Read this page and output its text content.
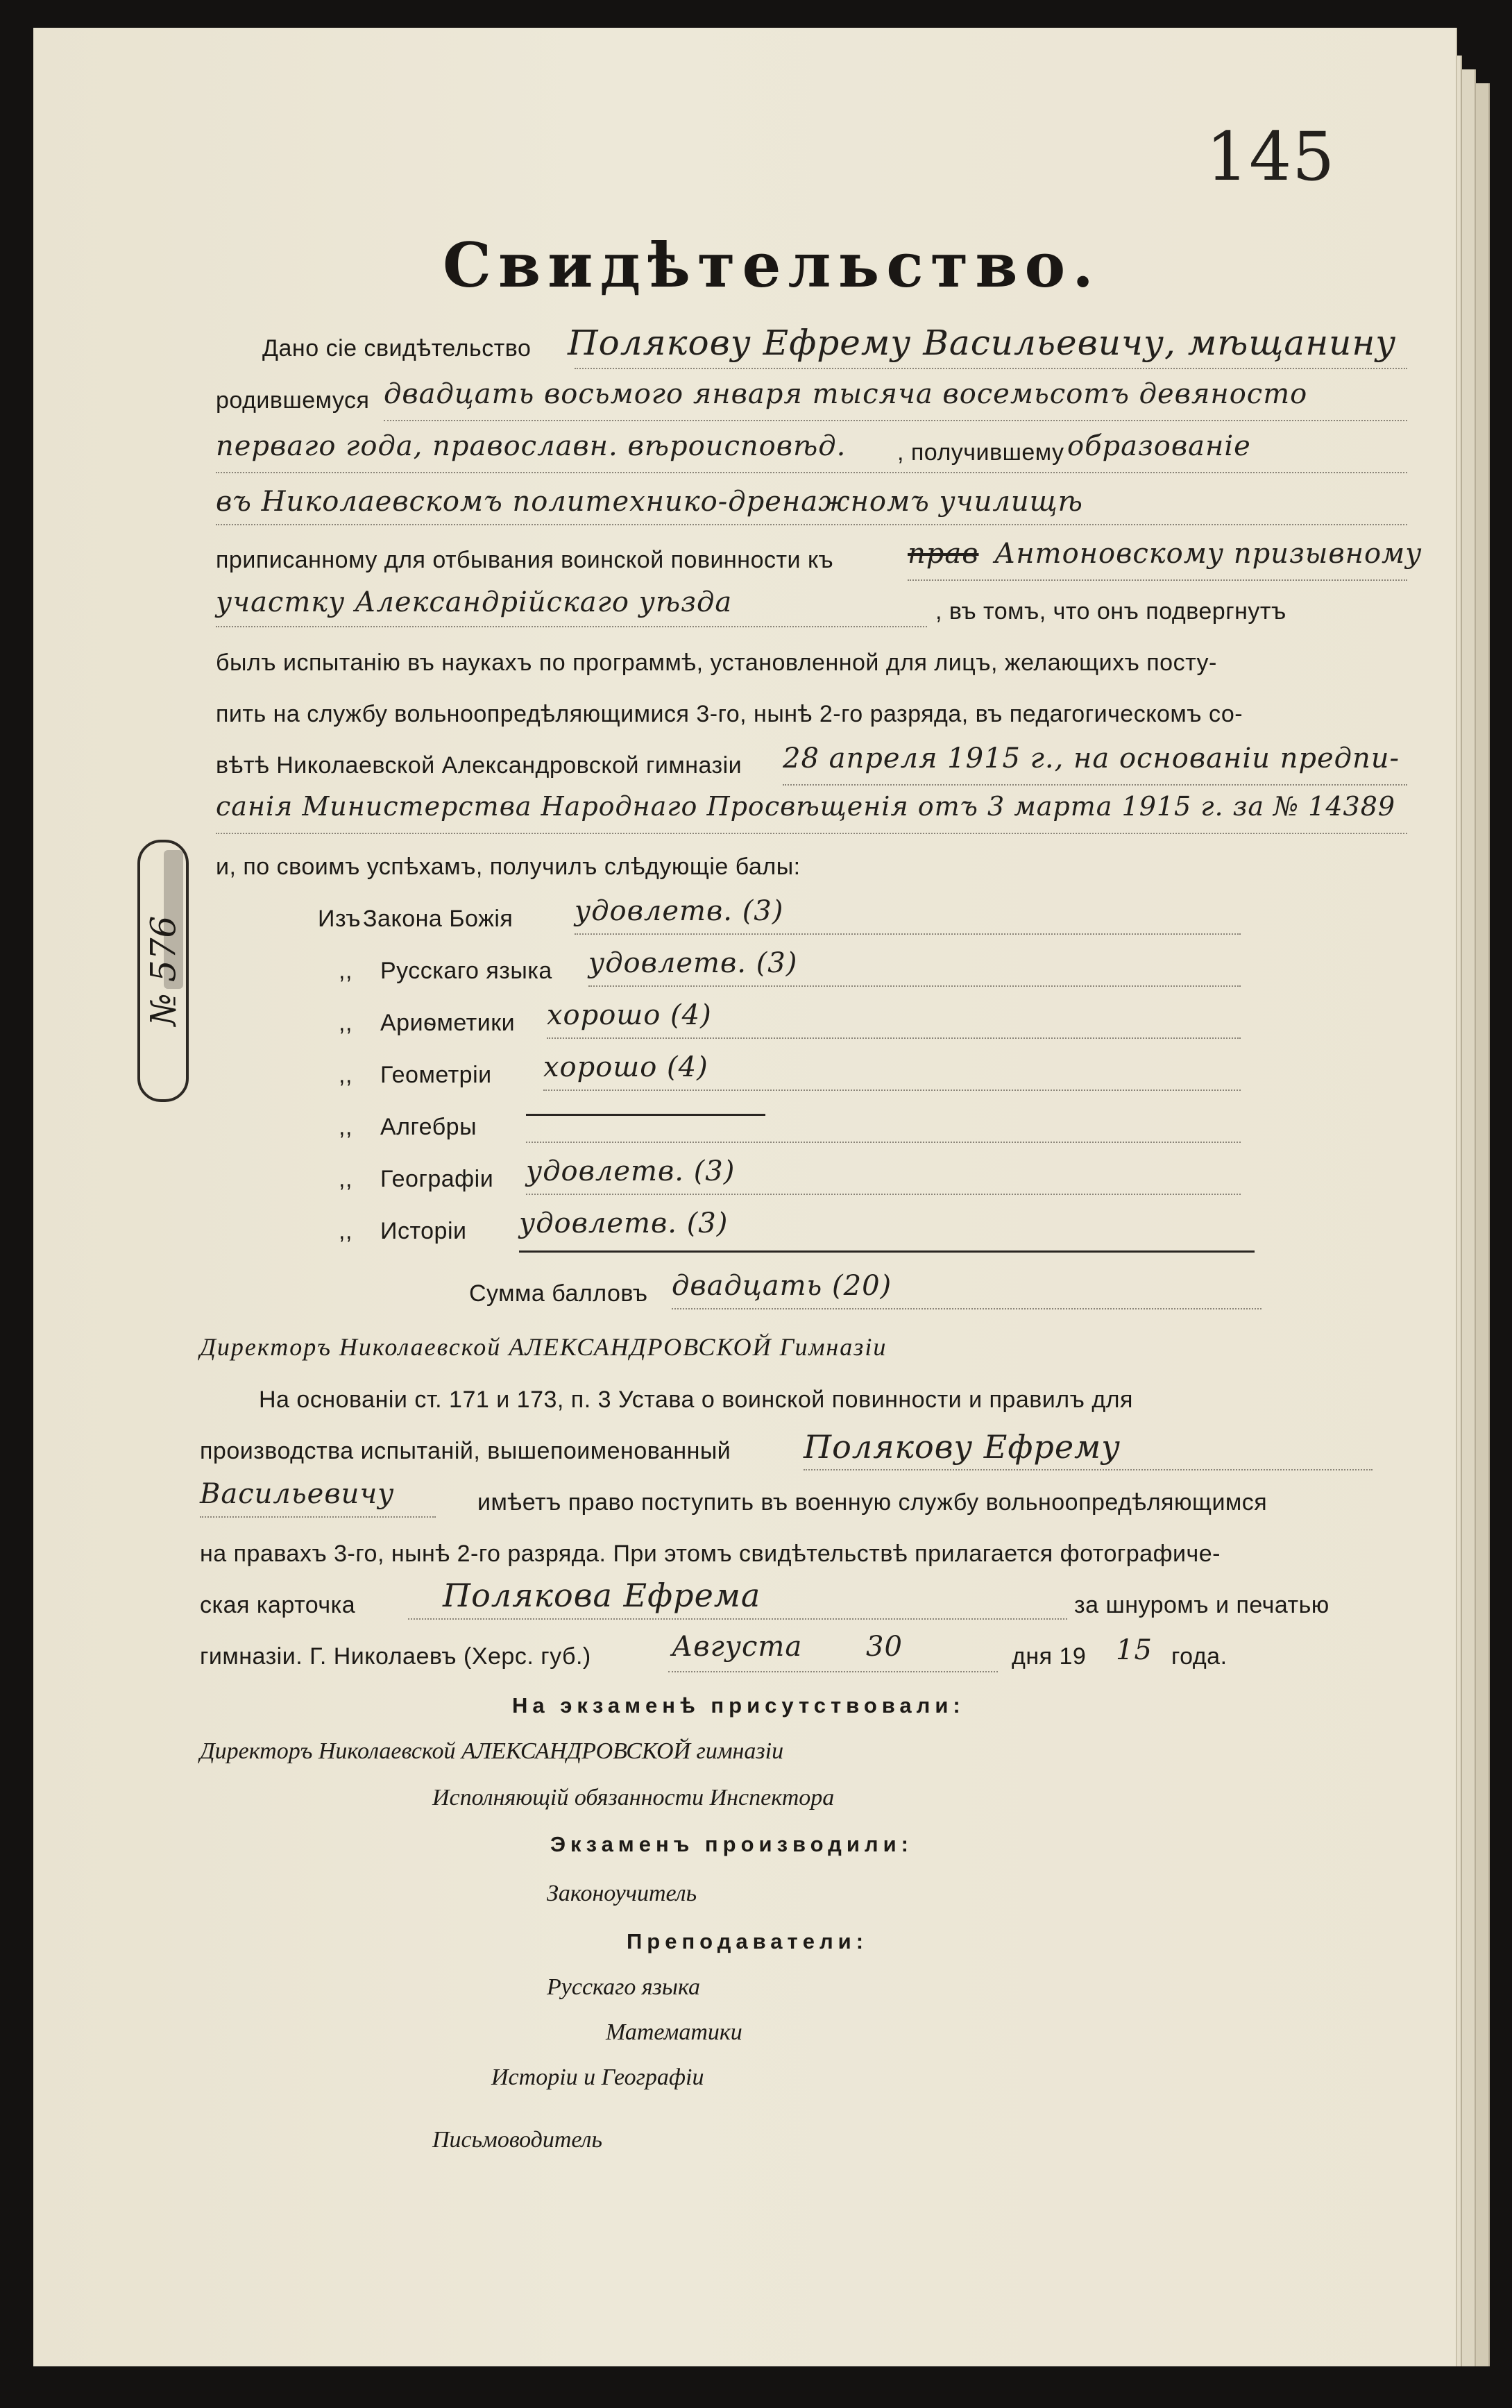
145
Свидѣтельство.
Дано сіе свидѣтельство Полякову Ефрему Васильевичу, мѣщанину
родившемуся двадцать восьмого января тысяча восемьсотъ девяносто
перваго года, православн. вѣроисповѣд. , получившему образованіе
въ Николаевскомъ политехнико-дренажномъ училищѣ
приписанному для отбывания воинской повинности къ	прав Антоновскому призывному
участку Александрійскаго уѣзда	, въ томъ, что онъ подвергнутъ
былъ испытанію въ наукахъ по программѣ, установленной для лицъ, желающихъ посту-
пить на службу вольноопредѣляющимися 3-го, нынѣ 2-го разряда, въ педагогическомъ со-
вѣтѣ Николаевской Александровской гимназіи 28 апреля 1915 г., на основаніи предпи-
санія Министерства Народнаго Просвѣщенія отъ 3 марта 1915 г. за № 14389
и, по своимъ успѣхамъ, получилъ слѣдующіе балы:
Изъ Закона Божія удовлетв. (3)
,, Русскаго языка удовлетв. (3)
,, Ариѳметики хорошо (4)
,, Геометріи хорошо (4)
,, Алгебры
,, Географіи удовлетв. (3)
,, Исторіи удовлетв. (3)
Сумма балловъ двадцать (20)
Директоръ Николаевской АЛЕКСАНДРОВСКОЙ Гимназіи
На основаніи ст. 171 и 173, п. 3 Устава о воинской повинности и правилъ для
производства испытаній, вышепоименованный Полякову Ефрему
Васильевичу	имѣетъ право поступить въ военную службу вольноопредѣляющимся
на правахъ 3-го, нынѣ 2-го разряда. При этомъ свидѣтельствѣ прилагается фотографиче-
ская карточка	Полякова Ефрема	за шнуромъ и печатью
гимназіи. Г. Николаевъ (Херс. губ.)	Августа 30	дня 19 15 года.
На экзаменѣ присутствовали:
Директоръ Николаевской АЛЕКСАНДРОВСКОЙ гимназіи
Исполняющій обязанности Инспектора
Экзаменъ производили:
Законоучитель
Преподаватели:
Русскаго языка
Математики
Исторіи и Географіи
Письмоводитель
№ 576
